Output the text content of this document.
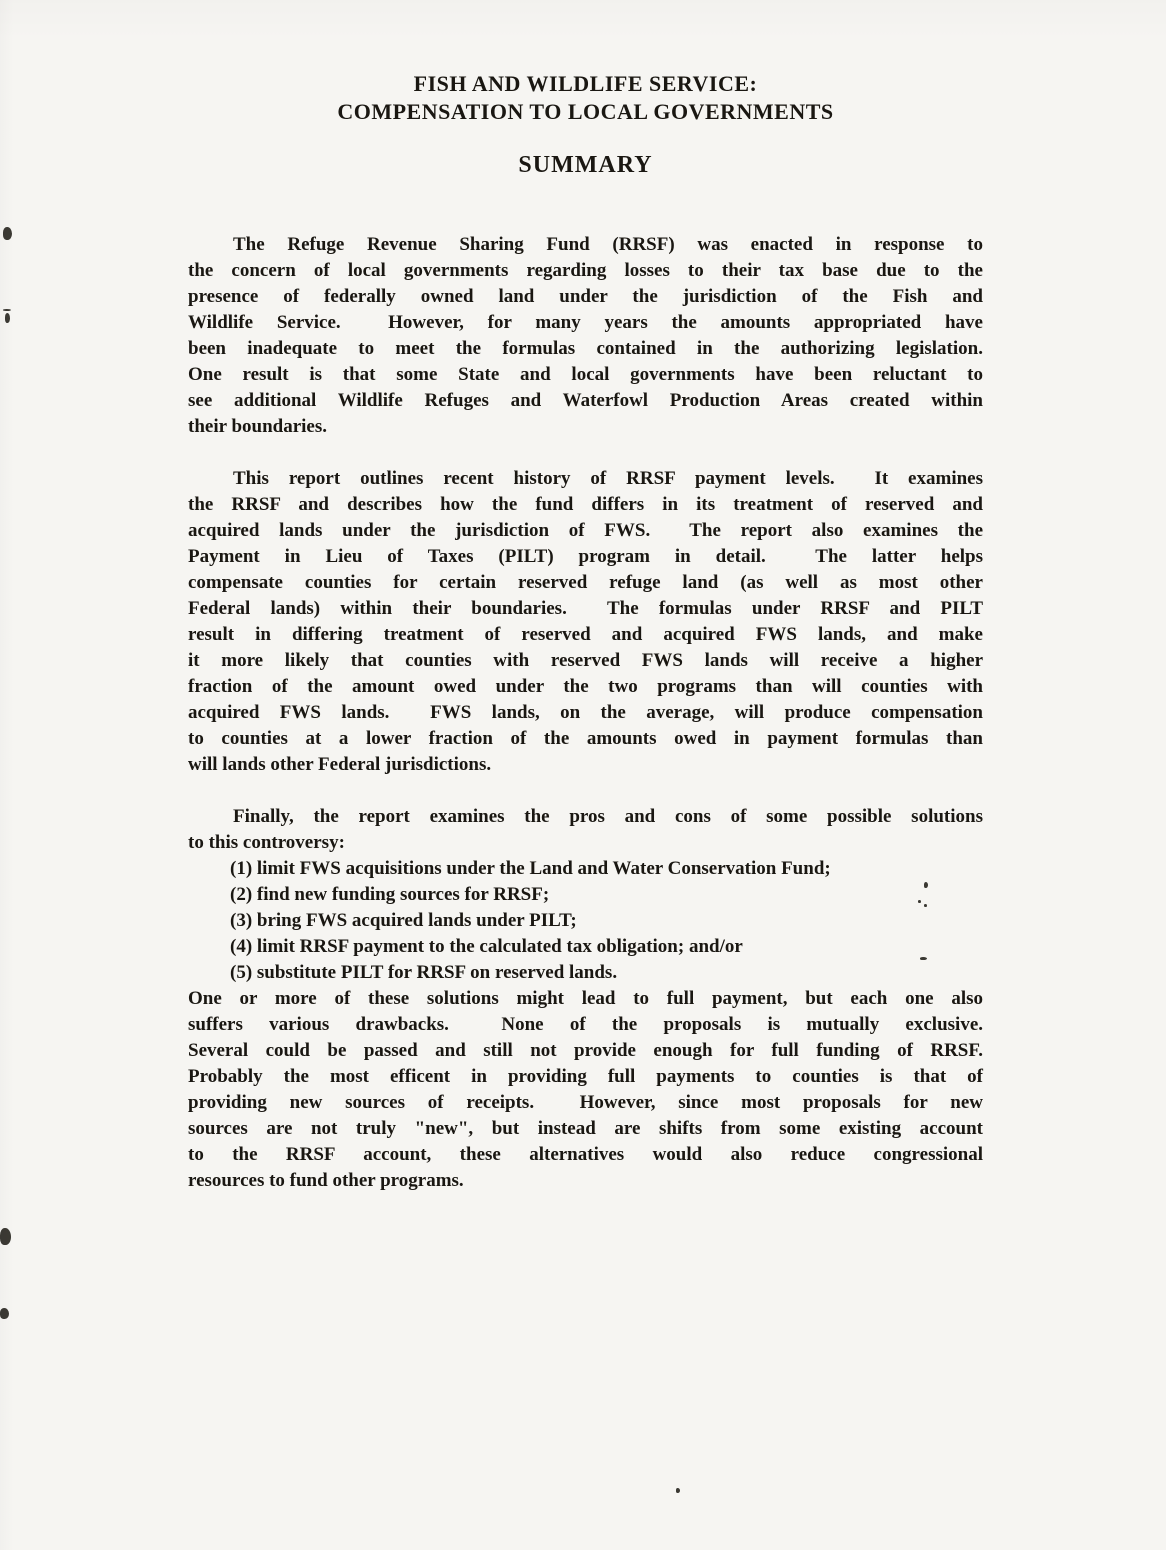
FISH AND WILDLIFE SERVICE:
COMPENSATION TO LOCAL GOVERNMENTS
SUMMARY
The Refuge Revenue Sharing Fund (RRSF) was enacted in response to
the concern of local governments regarding losses to their tax base due to the
presence of federally owned land under the jurisdiction of the Fish and
Wildlife Service.  However, for many years the amounts appropriated have
been inadequate to meet the formulas contained in the authorizing legislation.
One result is that some State and local governments have been reluctant to
see additional Wildlife Refuges and Waterfowl Production Areas created within
their boundaries.
This report outlines recent history of RRSF payment levels.  It examines
the RRSF and describes how the fund differs in its treatment of reserved and
acquired lands under the jurisdiction of FWS.  The report also examines the
Payment in Lieu of Taxes (PILT) program in detail.  The latter helps
compensate counties for certain reserved refuge land (as well as most other
Federal lands) within their boundaries.  The formulas under RRSF and PILT
result in differing treatment of reserved and acquired FWS lands, and make
it more likely that counties with reserved FWS lands will receive a higher
fraction of the amount owed under the two programs than will counties with
acquired FWS lands.  FWS lands, on the average, will produce compensation
to counties at a lower fraction of the amounts owed in payment formulas than
will lands other Federal jurisdictions.
Finally, the report examines the pros and cons of some possible solutions
to this controversy:
(1) limit FWS acquisitions under the Land and Water Conservation Fund;
(2) find new funding sources for RRSF;
(3) bring FWS acquired lands under PILT;
(4) limit RRSF payment to the calculated tax obligation; and/or
(5) substitute PILT for RRSF on reserved lands.
One or more of these solutions might lead to full payment, but each one also
suffers various drawbacks.  None of the proposals is mutually exclusive.
Several could be passed and still not provide enough for full funding of RRSF.
Probably the most efficent in providing full payments to counties is that of
providing new sources of receipts.  However, since most proposals for new
sources are not truly "new", but instead are shifts from some existing account
to the RRSF account, these alternatives would also reduce congressional
resources to fund other programs.
